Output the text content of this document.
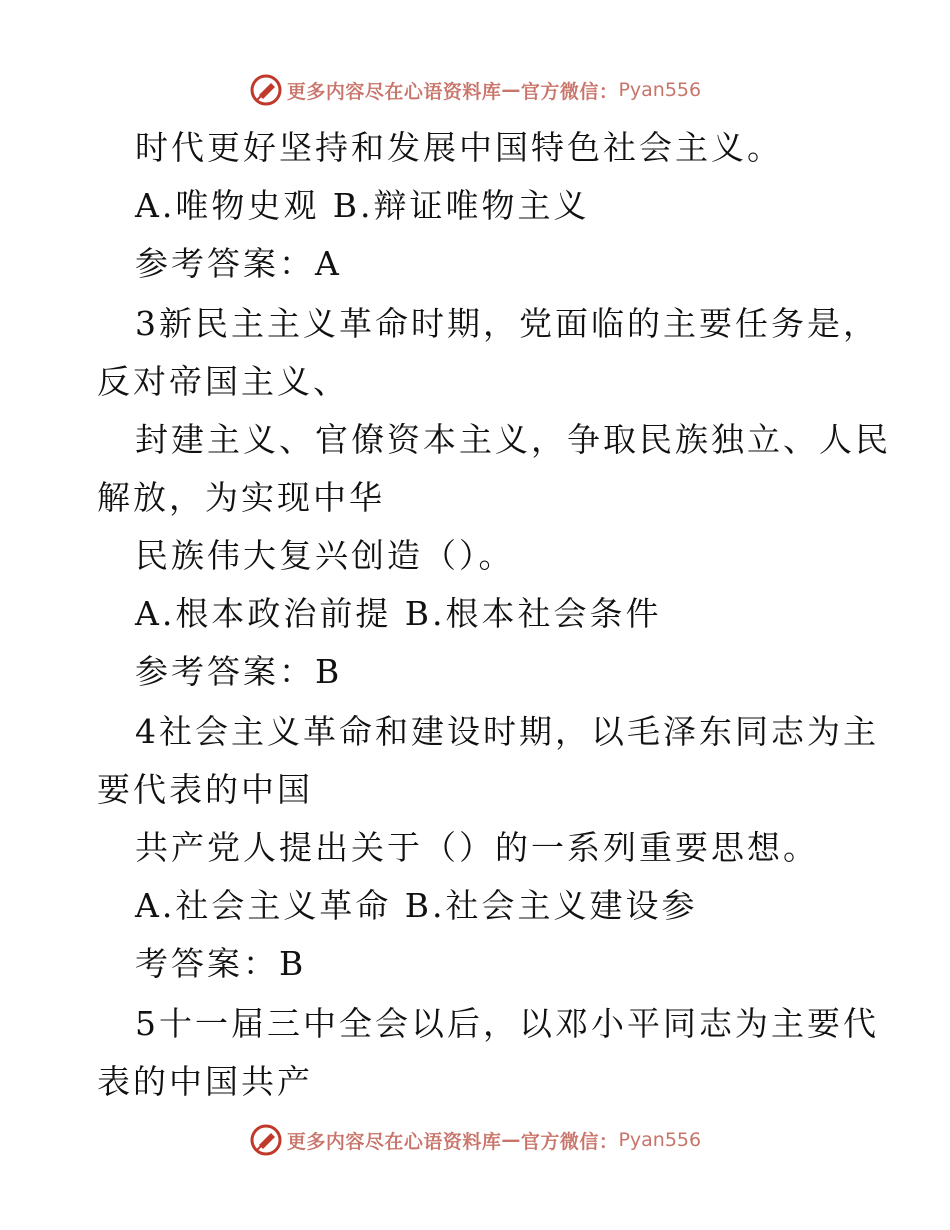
更多内容尽在心语资料库 — 官方微信： Pyan556
时代更好坚持和发展中国特色社会主义。
A.唯物史观 B.辩证唯物主义
参考答案：A
3新民主主义革命时期，党面临的主要任务是，
反对帝国主义、
封建主义、官僚资本主义，争取民族独立、人民
解放，为实现中华
民族伟大复兴创造（）。
A.根本政治前提 B.根本社会条件
参考答案：B
4社会主义革命和建设时期，以毛泽东同志为主
要代表的中国
共产党人提出关于（）的一系列重要思想。
A.社会主义革命 B.社会主义建设参
考答案：B
5十一届三中全会以后，以邓小平同志为主要代
表的中国共产
更多内容尽在心语资料库 — 官方微信： Pyan556
